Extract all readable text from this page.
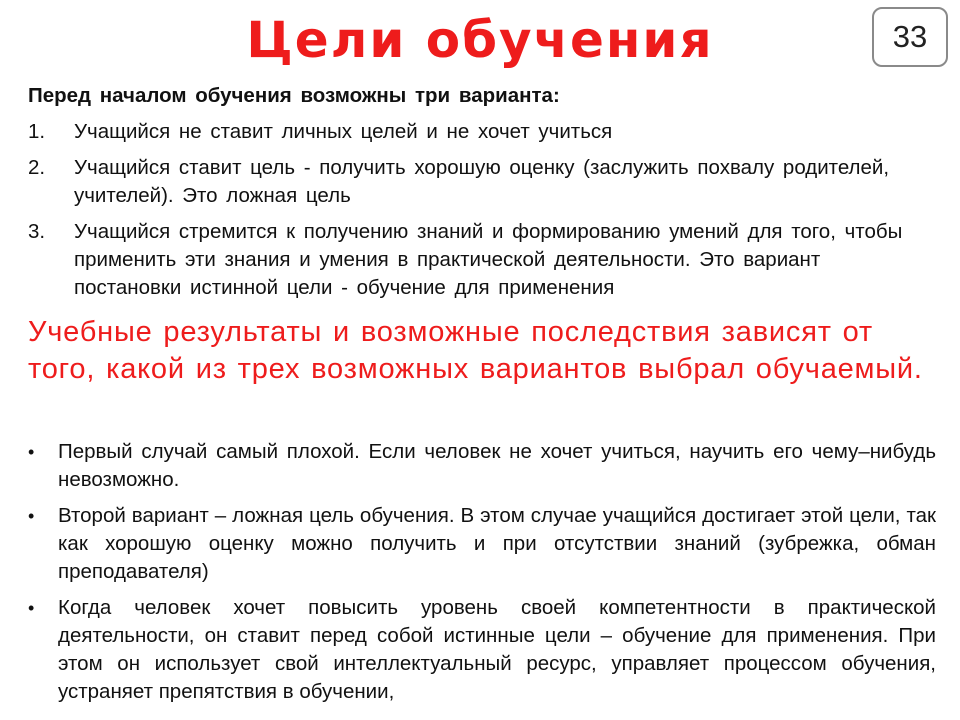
Цели обучения	33

Перед началом обучения возможны три варианта:

1.	Учащийся не ставит личных целей и не хочет учиться
2.	Учащийся ставит цель - получить хорошую оценку (заслужить похвалу родителей, учителей). Это ложная цель
3.	Учащийся стремится к получению знаний и формированию умений для того, чтобы применить эти знания и умения в практической деятельности. Это вариант постановки истинной цели - обучение для применения

Учебные результаты и возможные последствия зависят от того, какой из трех возможных вариантов выбрал обучаемый.

•	Первый случай самый плохой. Если человек не хочет учиться, научить его чему–нибудь невозможно.
•	Второй вариант – ложная цель обучения. В этом случае учащийся достигает этой цели, так как хорошую оценку можно получить и при отсутствии знаний (зубрежка, обман преподавателя)
•	Когда человек хочет повысить уровень своей компетентности в практической деятельности, он ставит перед собой истинные цели – обучение для применения. При этом он использует свой интеллектуальный ресурс, управляет процессом обучения, устраняет препятствия в обучении,
